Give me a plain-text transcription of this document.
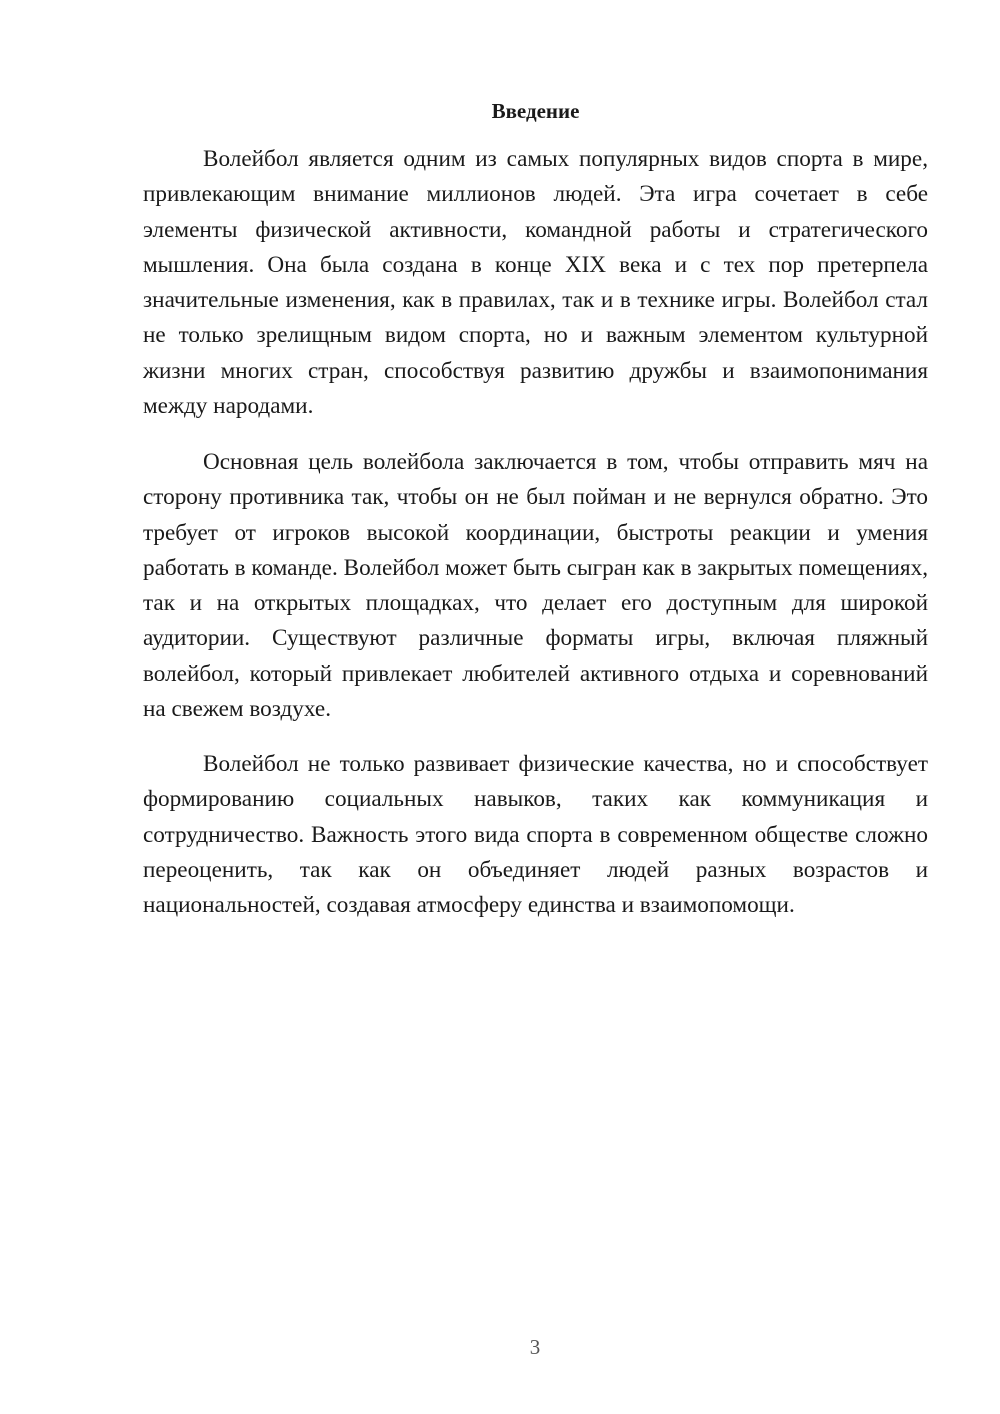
Введение

Волейбол является одним из самых популярных видов спорта в мире, привлекающим внимание миллионов людей. Эта игра сочетает в себе элементы физической активности, командной работы и стратегического мышления. Она была создана в конце XIX века и с тех пор претерпела значительные изменения, как в правилах, так и в технике игры. Волейбол стал не только зрелищным видом спорта, но и важным элементом культурной жизни многих стран, способствуя развитию дружбы и взаимопонимания между народами.

Основная цель волейбола заключается в том, чтобы отправить мяч на сторону противника так, чтобы он не был пойман и не вернулся обратно. Это требует от игроков высокой координации, быстроты реакции и умения работать в команде. Волейбол может быть сыгран как в закрытых помещениях, так и на открытых площадках, что делает его доступным для широкой аудитории. Существуют различные форматы игры, включая пляжный волейбол, который привлекает любителей активного отдыха и соревнований на свежем воздухе.

Волейбол не только развивает физические качества, но и способствует формированию социальных навыков, таких как коммуникация и сотрудничество. Важность этого вида спорта в современном обществе сложно переоценить, так как он объединяет людей разных возрастов и национальностей, создавая атмосферу единства и взаимопомощи.

3
